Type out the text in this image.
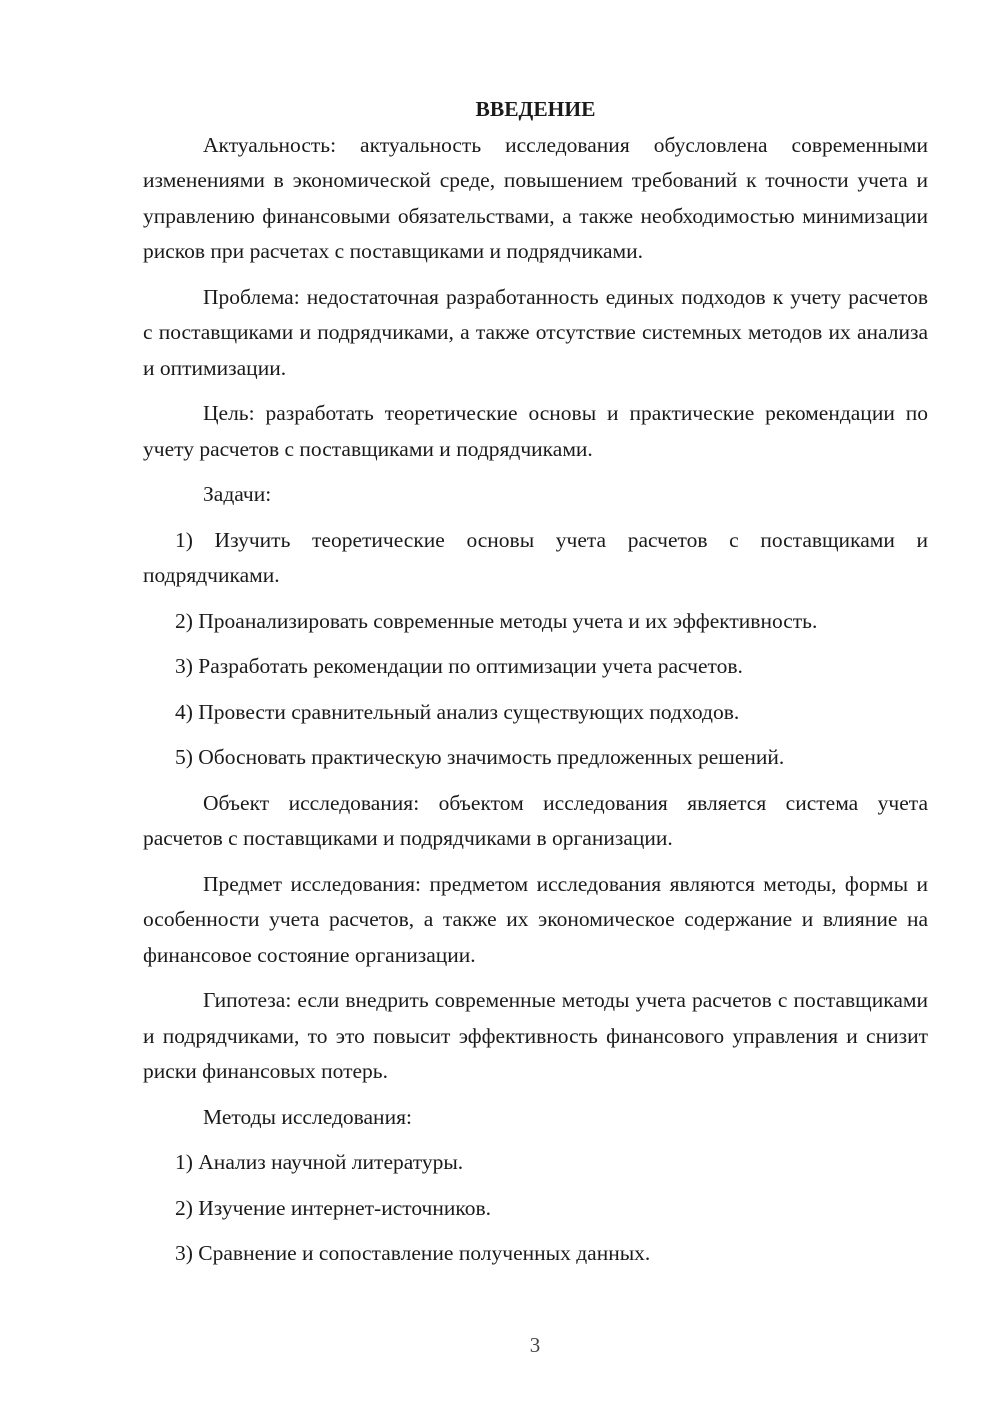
ВВЕДЕНИЕ

Актуальность: актуальность исследования обусловлена современными изменениями в экономической среде, повышением требований к точности учета и управлению финансовыми обязательствами, а также необходимостью минимизации рисков при расчетах с поставщиками и подрядчиками.

Проблема: недостаточная разработанность единых подходов к учету расчетов с поставщиками и подрядчиками, а также отсутствие системных методов их анализа и оптимизации.

Цель: разработать теоретические основы и практические рекомендации по учету расчетов с поставщиками и подрядчиками.

Задачи:

1) Изучить теоретические основы учета расчетов с поставщиками и подрядчиками.

2) Проанализировать современные методы учета и их эффективность.

3) Разработать рекомендации по оптимизации учета расчетов.

4) Провести сравнительный анализ существующих подходов.

5) Обосновать практическую значимость предложенных решений.

Объект исследования: объектом исследования является система учета расчетов с поставщиками и подрядчиками в организации.

Предмет исследования: предметом исследования являются методы, формы и особенности учета расчетов, а также их экономическое содержание и влияние на финансовое состояние организации.

Гипотеза: если внедрить современные методы учета расчетов с поставщиками и подрядчиками, то это повысит эффективность финансового управления и снизит риски финансовых потерь.

Методы исследования:

1) Анализ научной литературы.

2) Изучение интернет-источников.

3) Сравнение и сопоставление полученных данных.

3
